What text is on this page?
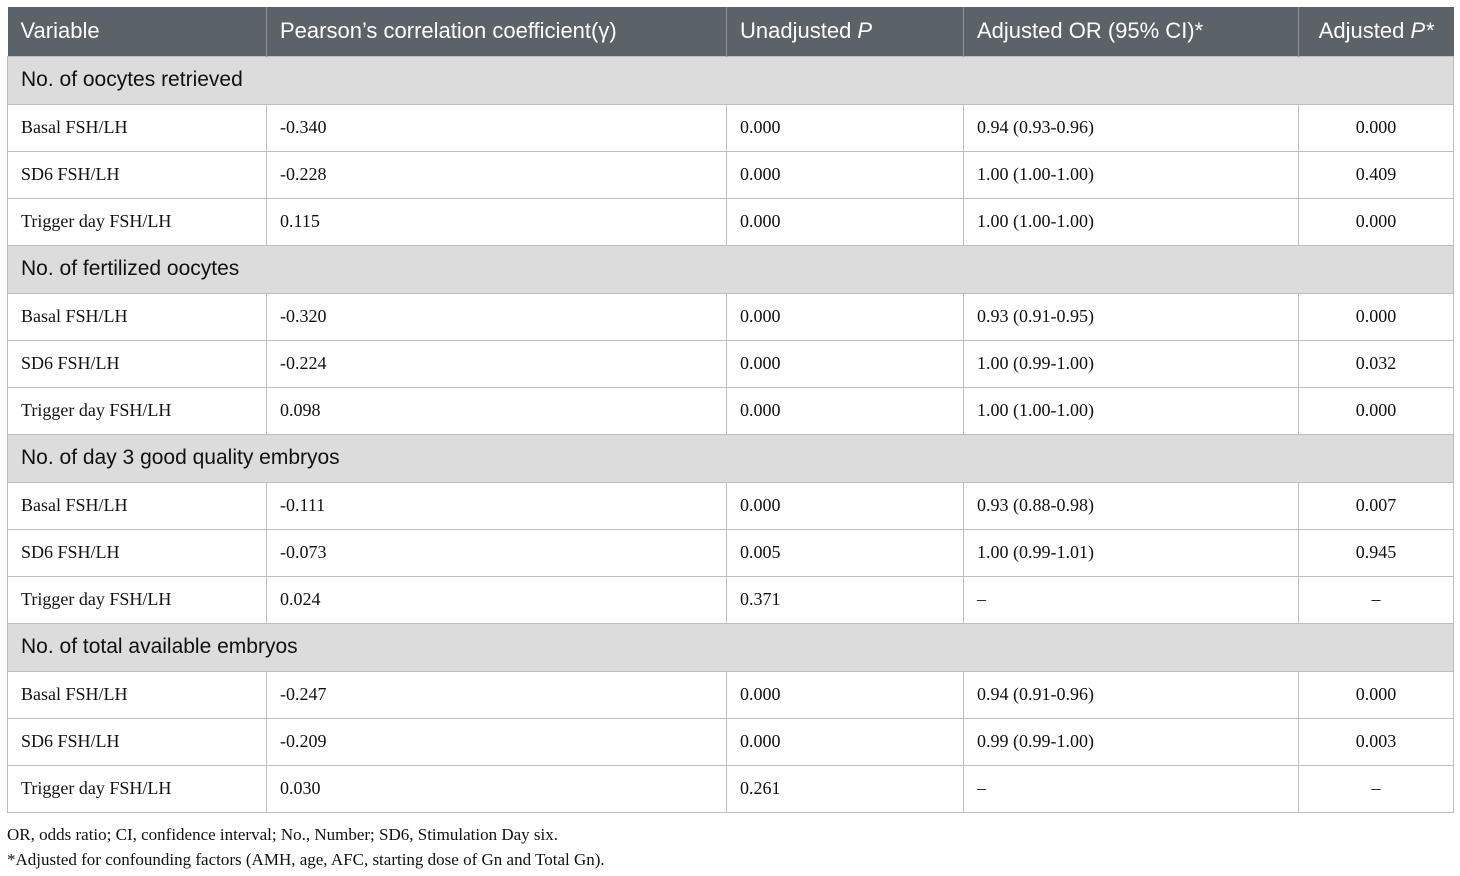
Variable	Pearson’s correlation coefficient(γ)	Unadjusted P	Adjusted OR (95% CI)*	Adjusted P*
No. of oocytes retrieved				
Basal FSH/LH	-0.340	0.000	0.94 (0.93-0.96)	0.000
SD6 FSH/LH	-0.228	0.000	1.00 (1.00-1.00)	0.409
Trigger day FSH/LH	0.115	0.000	1.00 (1.00-1.00)	0.000
No. of fertilized oocytes				
Basal FSH/LH	-0.320	0.000	0.93 (0.91-0.95)	0.000
SD6 FSH/LH	-0.224	0.000	1.00 (0.99-1.00)	0.032
Trigger day FSH/LH	0.098	0.000	1.00 (1.00-1.00)	0.000
No. of day 3 good quality embryos				
Basal FSH/LH	-0.111	0.000	0.93 (0.88-0.98)	0.007
SD6 FSH/LH	-0.073	0.005	1.00 (0.99-1.01)	0.945
Trigger day FSH/LH	0.024	0.371	–	–
No. of total available embryos				
Basal FSH/LH	-0.247	0.000	0.94 (0.91-0.96)	0.000
SD6 FSH/LH	-0.209	0.000	0.99 (0.99-1.00)	0.003
Trigger day FSH/LH	0.030	0.261	–	–
OR, odds ratio; CI, confidence interval; No., Number; SD6, Stimulation Day six.
*Adjusted for confounding factors (AMH, age, AFC, starting dose of Gn and Total Gn).
